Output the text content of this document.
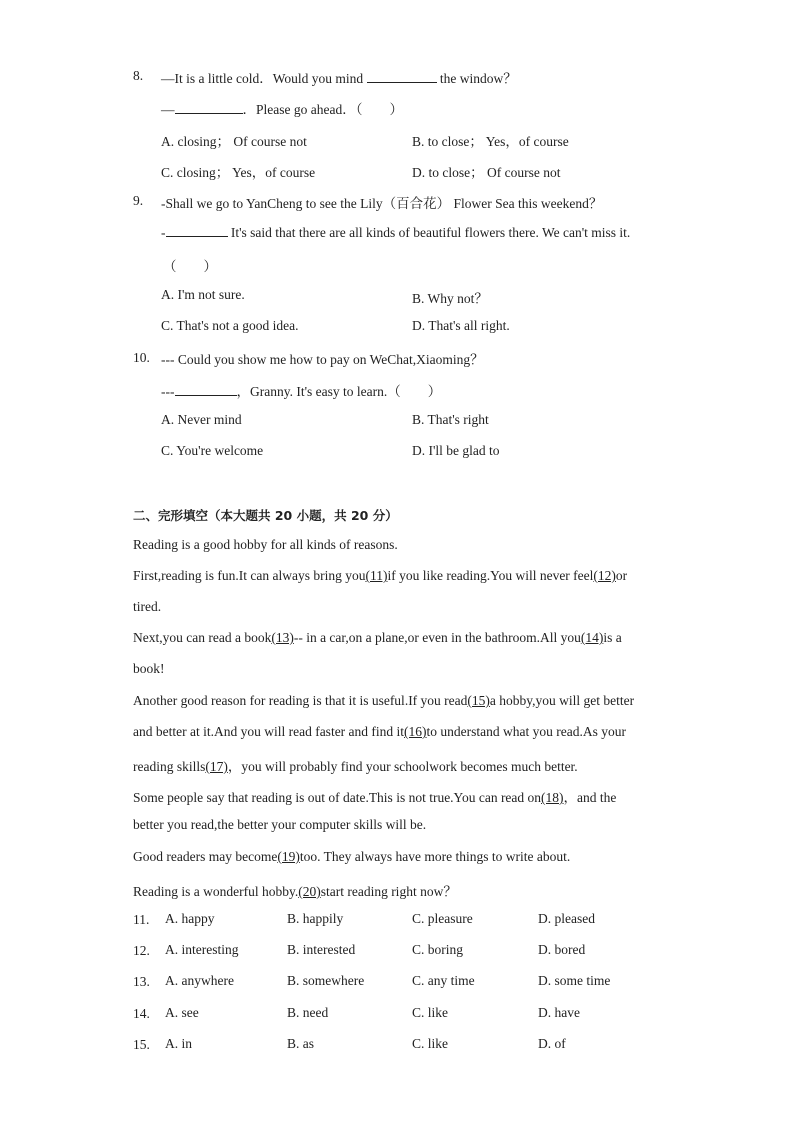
8. —It is a little cold．Would you mind	the window？
—	．Please go ahead．（　　）
A. closing； Of course not	B. to close； Yes，of course
C. closing； Yes，of course	D. to close； Of course not
9. -Shall we go to YanCheng to see the Lily（百合花） Flower Sea this weekend？
-	It's said that there are all kinds of beautiful flowers there. We can't miss it.
（　　）
A. I'm not sure.	B. Why not？
C. That's not a good idea.	D. That's all right.
10. --- Could you show me how to pay on WeChat,Xiaoming？
---	，Granny. It's easy to learn.（　　）
A. Never mind	B. That's right
C. You're welcome	D. I'll be glad to
二、完形填空（本大题共 20 小题，共 20 分）
Reading is a good hobby for all kinds of reasons.
First,reading is fun.It can always bring you(11)if you like reading.You will never feel(12)or
tired.
Next,you can read a book(13)-- in a car,on a plane,or even in the bathroom.All you(14)is a
book!
Another good reason for reading is that it is useful.If you read(15)a hobby,you will get better
and better at it.And you will read faster and find it(16)to understand what you read.As your
reading skills(17)，you will probably find your schoolwork becomes much better.
Some people say that reading is out of date.This is not true.You can read on(18)，and the
better you read,the better your computer skills will be.
Good readers may become(19)too. They always have more things to write about.
Reading is a wonderful hobby.(20)start reading right now？
11. A. happy	B. happily	C. pleasure	D. pleased
12. A. interesting	B. interested	C. boring	D. bored
13. A. anywhere	B. somewhere	C. any time	D. some time
14. A. see	B. need	C. like	D. have
15. A. in	B. as	C. like	D. of
